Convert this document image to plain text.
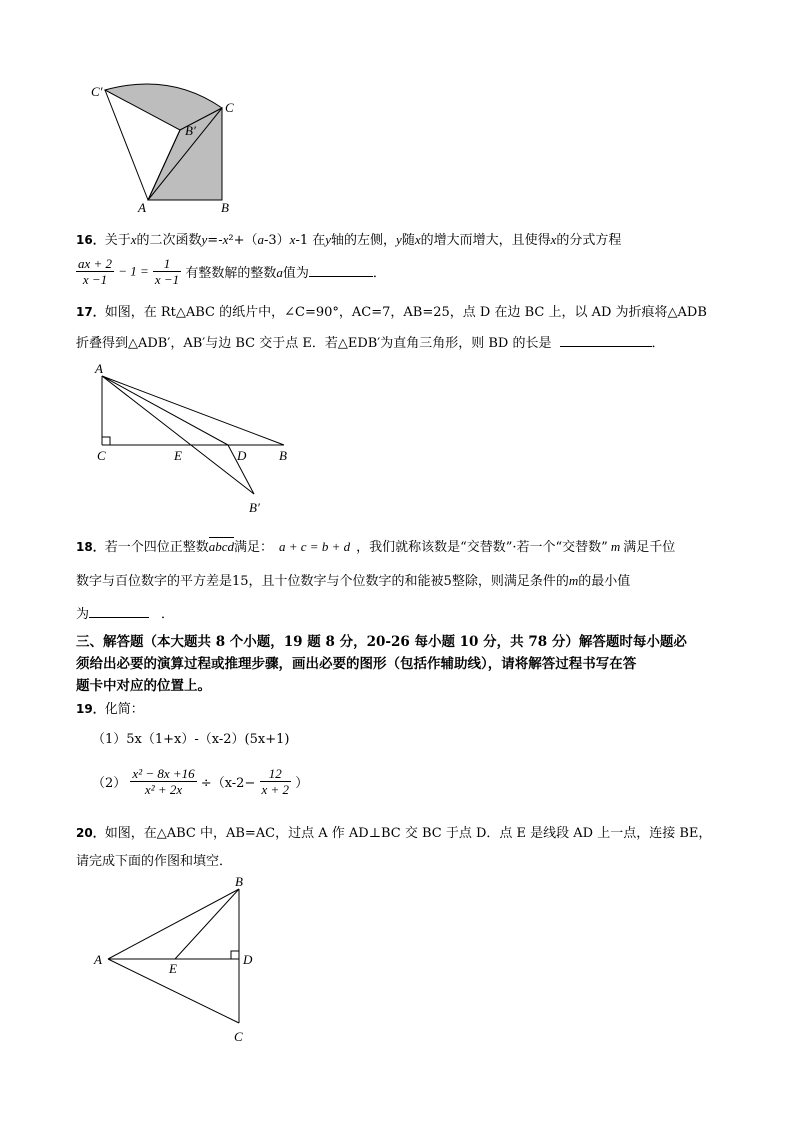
C′
C
B′
A	B
16．关于x的二次函数y=-x²+（a-3）x-1 在y轴的左侧，y随x的增大而增大，且使得x的分式方程
$\frac{ax + 2}{x -1} - 1 = \frac{1}{x -1}$ 有整数解的整数a值为	．
17．如图，在 Rt△ABC 的纸片中，∠C=90°，AC=7，AB=25，点 D 在边 BC 上，以 AD 为折痕将△ADB
折叠得到△ADB′，AB′与边 BC 交于点 E．若△EDB′为直角三角形，则 BD 的长是	．
A
C	E	D	B
B′
18．若一个四位正整数abcd满足： a + c = b + d ，我们就称该数是“交替数”·若一个“交替数” m 满足千位
数字与百位数字的平方差是15，且十位数字与个位数字的和能被5整除，则满足条件的m的最小值
为	．
三、解答题（本大题共 8 个小题，19 题 8 分，20-26 每小题 10 分，共 78 分）解答题时每小题必
须给出必要的演算过程或推理步骤，画出必要的图形（包括作辅助线），请将解答过程书写在答
题卡中对应的位置上。
19．化简：
（1）5x（1+x）-（x-2）(5x+1)
$(2) \frac{\text{x² − 8x +16}}{\text{x² + 2x}} \div(x-2- \frac{12}{x + 2}$ ）
20．如图，在△ABC 中，AB=AC，过点 A 作 AD⊥BC 交 BC 于点 D．点 E 是线段 AD 上一点，连接 BE，
请完成下面的作图和填空．
B
A
E
D
C
